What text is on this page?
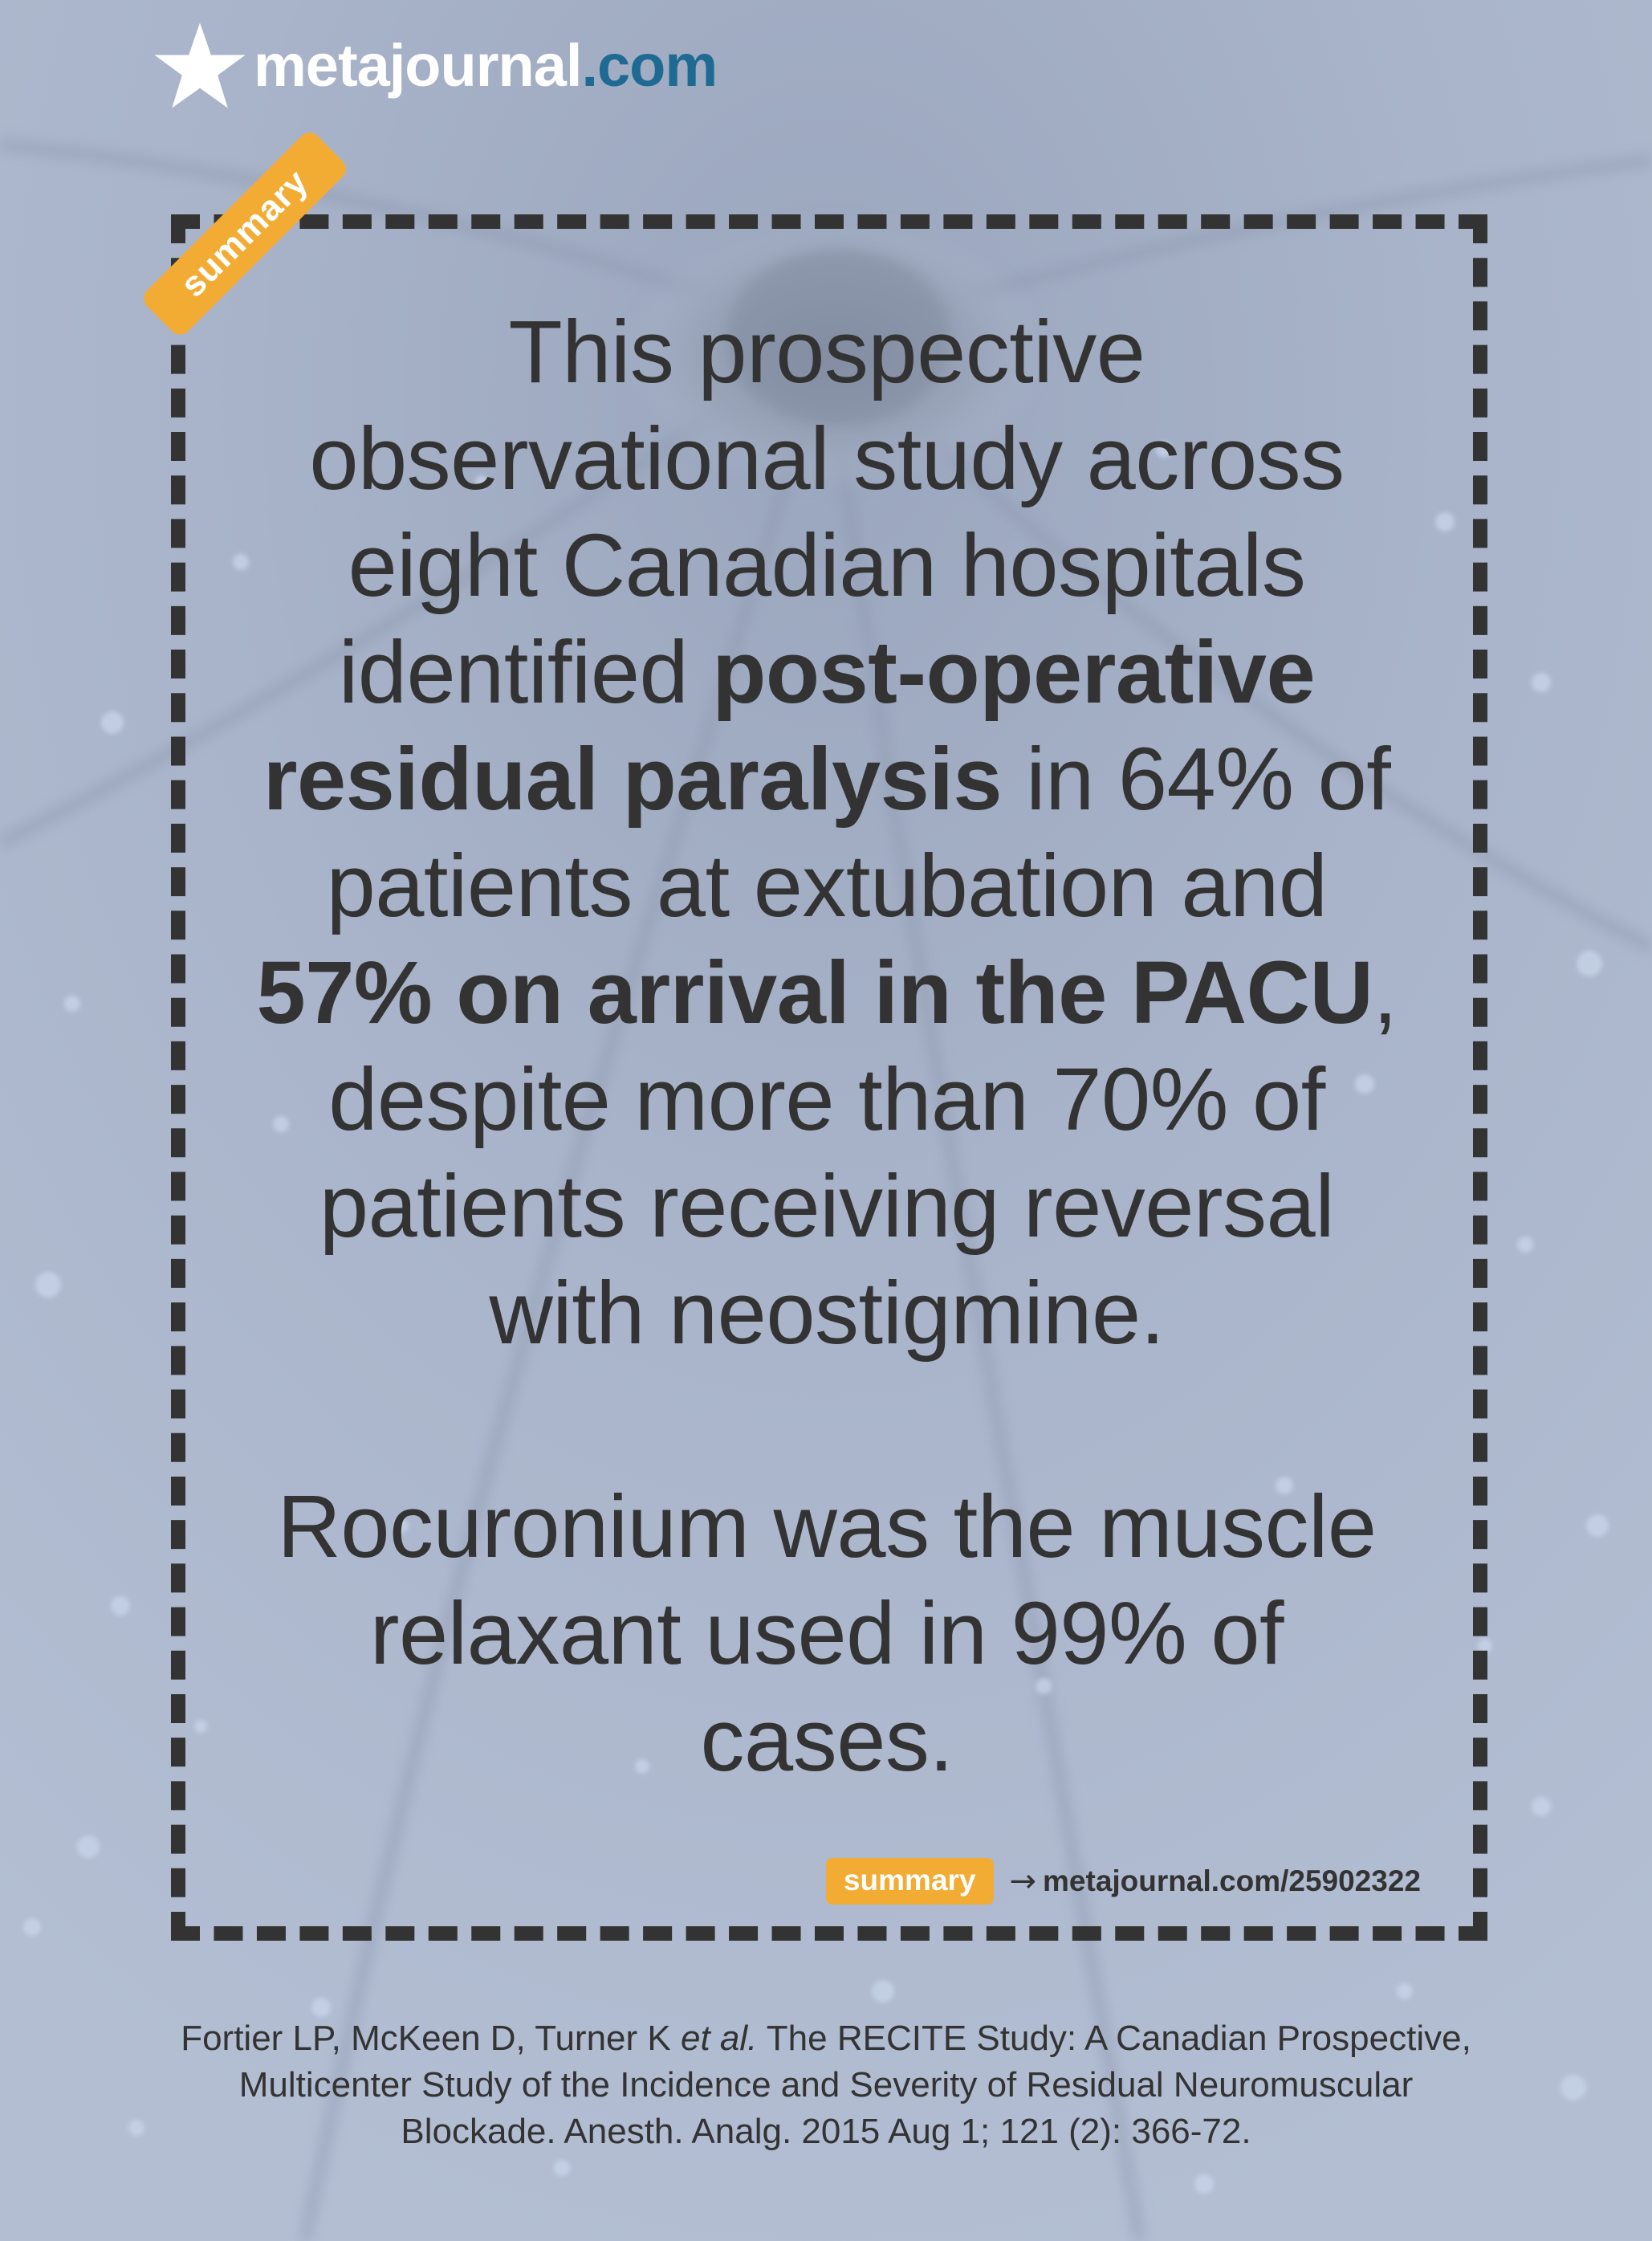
metajournal.com
summary

This prospective observational study across eight Canadian hospitals identified post-operative residual paralysis in 64% of patients at extubation and 57% on arrival in the PACU, despite more than 70% of patients receiving reversal with neostigmine.

Rocuronium was the muscle relaxant used in 99% of cases.

summary	→ metajournal.com/25902322
Fortier LP, McKeen D, Turner K et al. The RECITE Study: A Canadian Prospective, Multicenter Study of the Incidence and Severity of Residual Neuromuscular Blockade. Anesth. Analg. 2015 Aug 1; 121 (2): 366-72.
